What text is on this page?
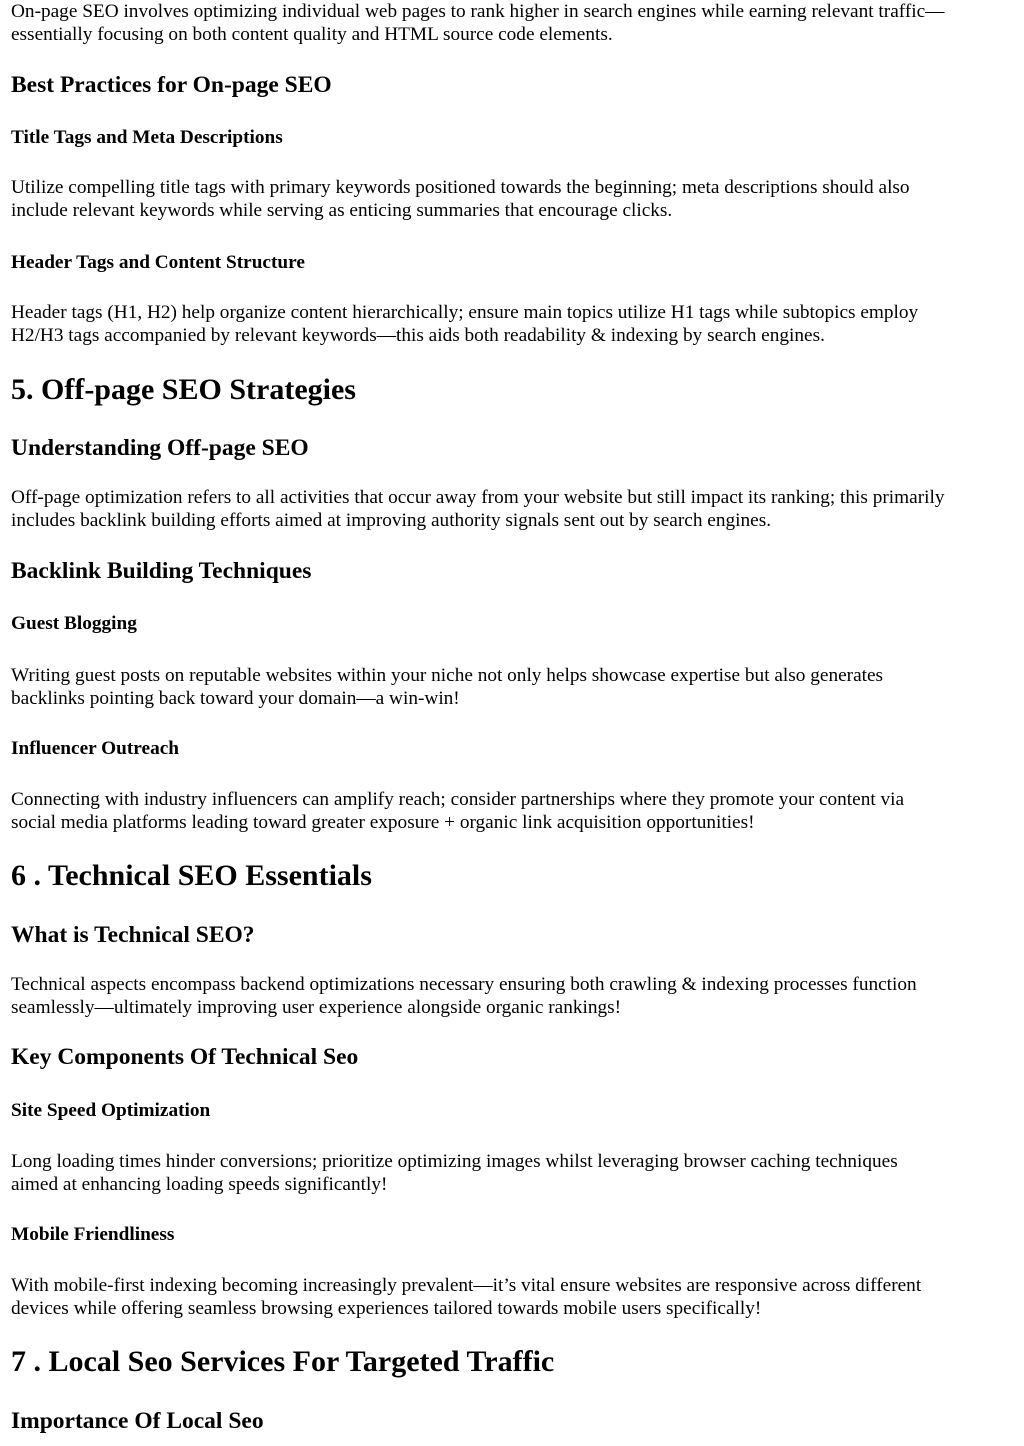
On-page SEO involves optimizing individual web pages to rank higher in search engines while earning relevant traffic—
essentially focusing on both content quality and HTML source code elements.

Best Practices for On-page SEO
Title Tags and Meta Descriptions

Utilize compelling title tags with primary keywords positioned towards the beginning; meta descriptions should also
include relevant keywords while serving as enticing summaries that encourage clicks.

Header Tags and Content Structure

Header tags (H1, H2) help organize content hierarchically; ensure main topics utilize H1 tags while subtopics employ
H2/H3 tags accompanied by relevant keywords—this aids both readability & indexing by search engines.

5. Off-page SEO Strategies
Understanding Off-page SEO

Off-page optimization refers to all activities that occur away from your website but still impact its ranking; this primarily
includes backlink building efforts aimed at improving authority signals sent out by search engines.

Backlink Building Techniques
Guest Blogging

Writing guest posts on reputable websites within your niche not only helps showcase expertise but also generates
backlinks pointing back toward your domain—a win-win!

Influencer Outreach

Connecting with industry influencers can amplify reach; consider partnerships where they promote your content via
social media platforms leading toward greater exposure + organic link acquisition opportunities!

6 . Technical SEO Essentials
What is Technical SEO?

Technical aspects encompass backend optimizations necessary ensuring both crawling & indexing processes function
seamlessly—ultimately improving user experience alongside organic rankings!

Key Components Of Technical Seo
Site Speed Optimization

Long loading times hinder conversions; prioritize optimizing images whilst leveraging browser caching techniques
aimed at enhancing loading speeds significantly!

Mobile Friendliness

With mobile-first indexing becoming increasingly prevalent—it’s vital ensure websites are responsive across different
devices while offering seamless browsing experiences tailored towards mobile users specifically!

7 . Local Seo Services For Targeted Traffic
Importance Of Local Seo
